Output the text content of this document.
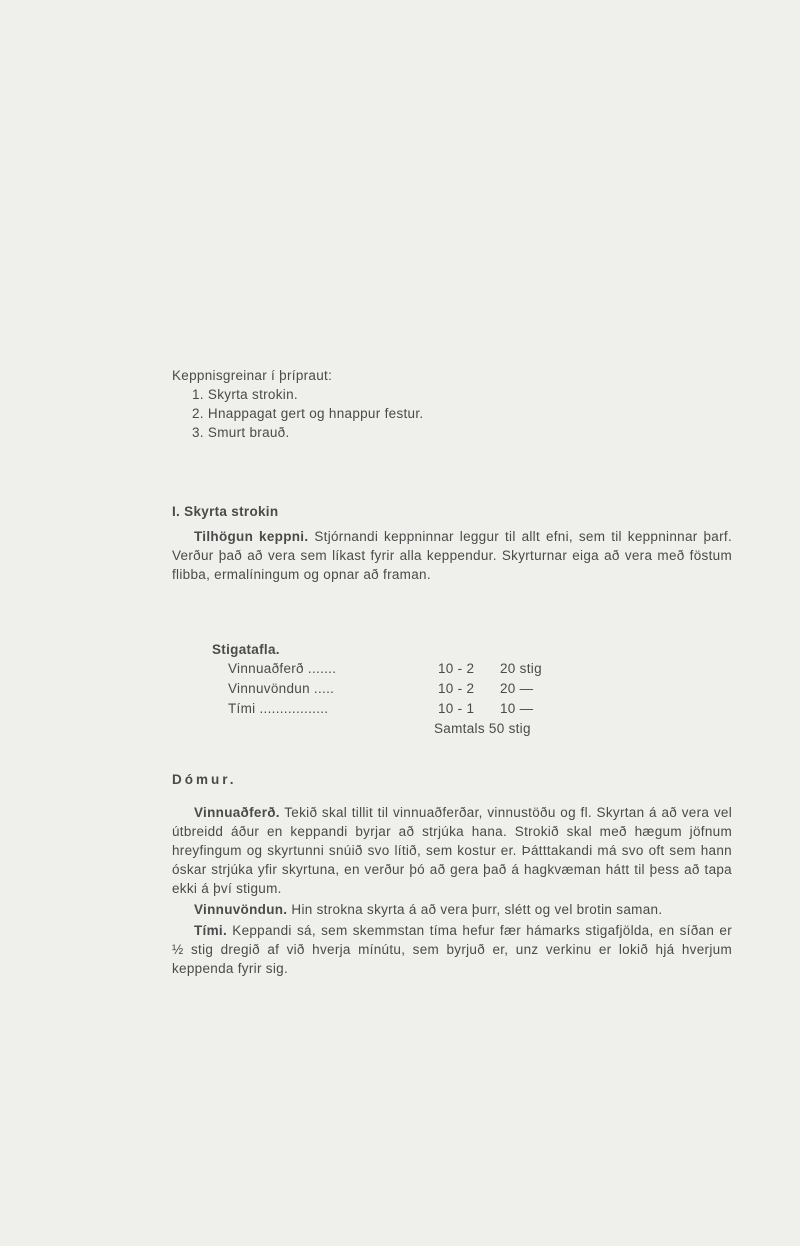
Keppnisgreinar í þrípraut:
1. Skyrta strokin.
2. Hnappagat gert og hnappur festur.
3. Smurt brauð.
I. Skyrta strokin

Tilhögun keppni. Stjórnandi keppninnar leggur til allt efni, sem til keppninnar þarf. Verður það að vera sem líkast fyrir alla keppendur. Skyrturnar eiga að vera með föstum flibba, ermalíningum og opnar að framan.

Stigatafla.
Vinnuaðferð .......	10 - 2	20 stig
Vinnuvöndun .....	10 - 2	20 —
Tími .................	10 - 1	10 —
Samtals 50 stig
Dómur.

Vinnuaðferð. Tekið skal tillit til vinnuaðferðar, vinnustöðu og fl. Skyrtan á að vera vel útbreidd áður en keppandi byrjar að strjúka hana. Strokið skal með hægum jöfnum hreyfingum og skyrtunni snúið svo lítið, sem kostur er. Þátttakandi má svo oft sem hann óskar strjúka yfir skyrtuna, en verður þó að gera það á hagkvæman hátt til þess að tapa ekki á því stigum.

Vinnuvöndun. Hin strokna skyrta á að vera þurr, slétt og vel brotin saman.

Tími. Keppandi sá, sem skemmstan tíma hefur fær hámarks stigafjölda, en síðan er ½ stig dregið af við hverja mínútu, sem byrjuð er, unz verkinu er lokið hjá hverjum keppenda fyrir sig.
